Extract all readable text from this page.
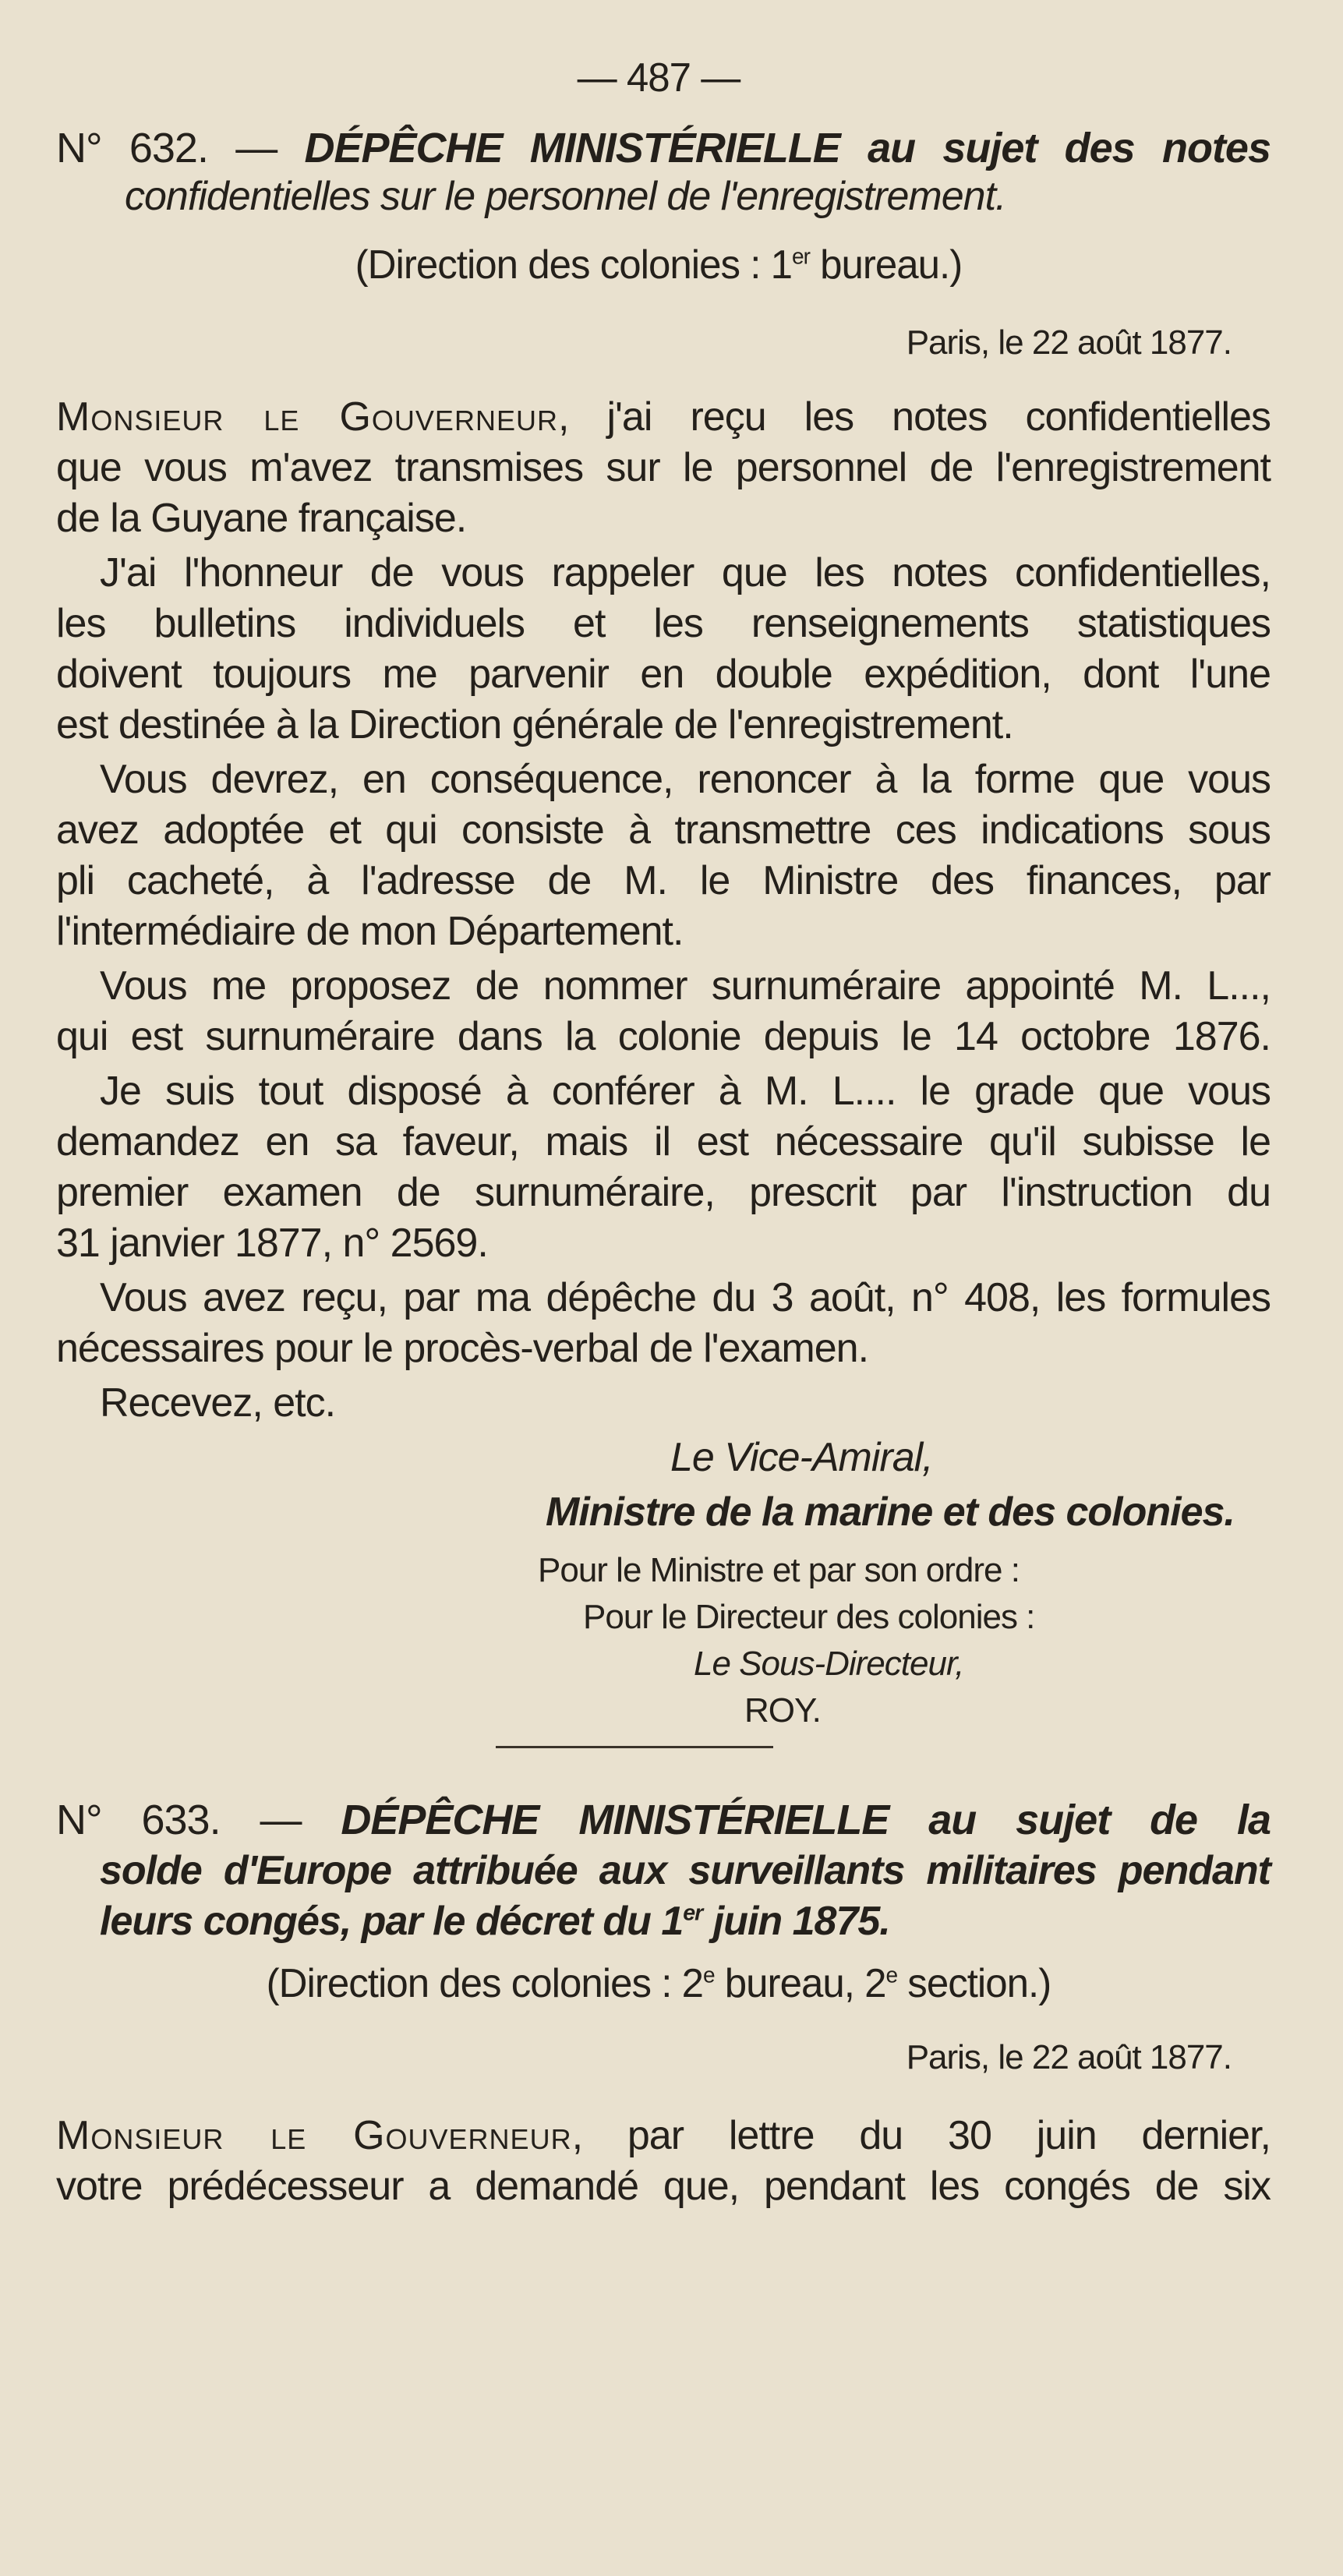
— 487 —

N° 632. — DÉPÊCHE MINISTÉRIELLE au sujet des notes

confidentielles sur le personnel de l'enregistrement.

(Direction des colonies : 1er bureau.)

Paris, le 22 août 1877.

Monsieur le Gouverneur, j'ai reçu les notes confidentielles

que vous m'avez transmises sur le personnel de l'enregistrement

de la Guyane française.

J'ai l'honneur de vous rappeler que les notes confidentielles,

les bulletins individuels et les renseignements statistiques

doivent toujours me parvenir en double expédition, dont l'une

est destinée à la Direction générale de l'enregistrement.

Vous devrez, en conséquence, renoncer à la forme que vous

avez adoptée et qui consiste à transmettre ces indications sous

pli cacheté, à l'adresse de M. le Ministre des finances, par

l'intermédiaire de mon Département.

Vous me proposez de nommer surnuméraire appointé M. L...,

qui est surnuméraire dans la colonie depuis le 14 octobre 1876.

Je suis tout disposé à conférer à M. L.... le grade que vous

demandez en sa faveur, mais il est nécessaire qu'il subisse le

premier examen de surnuméraire, prescrit par l'instruction du

31 janvier 1877, n° 2569.

Vous avez reçu, par ma dépêche du 3 août, n° 408, les formules

nécessaires pour le procès-verbal de l'examen.

Recevez, etc.

Le Vice-Amiral,

Ministre de la marine et des colonies.

Pour le Ministre et par son ordre :

Pour le Directeur des colonies :

Le Sous-Directeur,

ROY.

N° 633. — DÉPÊCHE MINISTÉRIELLE au sujet de la

solde d'Europe attribuée aux surveillants militaires pendant

leurs congés, par le décret du 1er juin 1875.

(Direction des colonies : 2e bureau, 2e section.)

Paris, le 22 août 1877.

Monsieur le Gouverneur, par lettre du 30 juin dernier,

votre prédécesseur a demandé que, pendant les congés de six
